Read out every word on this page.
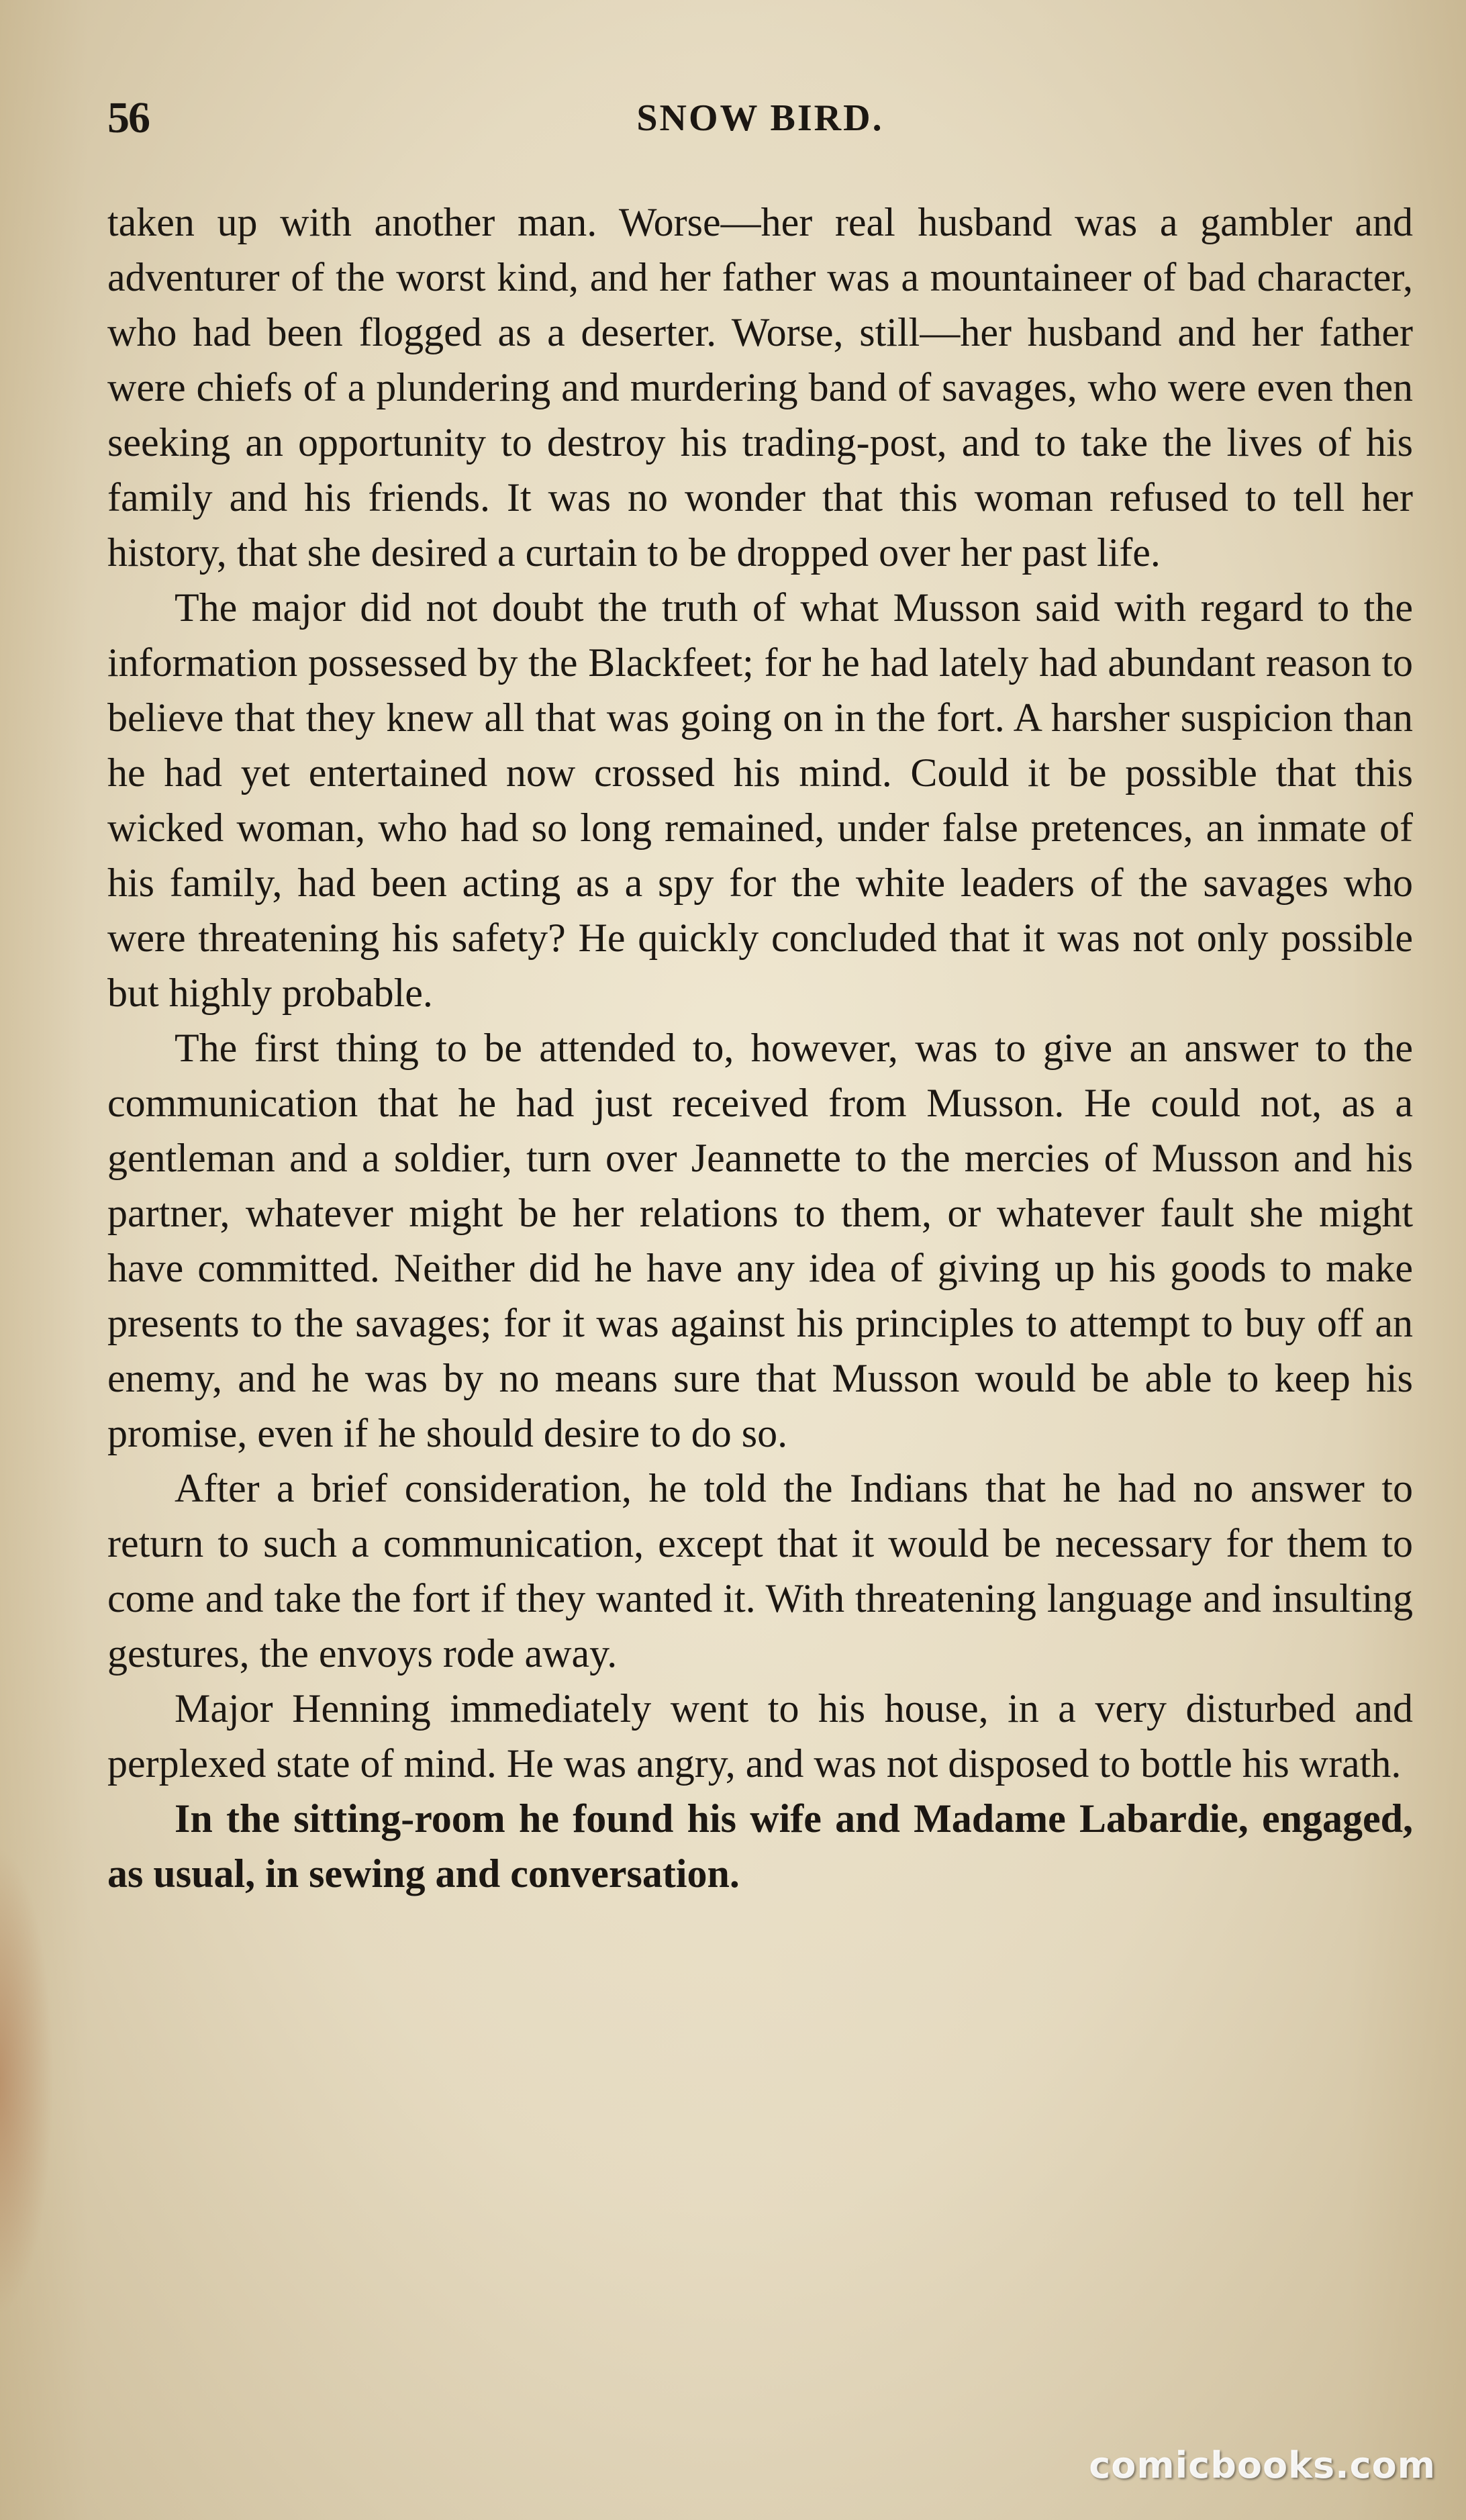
56	SNOW BIRD.

taken up with another man. Worse—her real husband was a gambler and adventurer of the worst kind, and her father was a mountaineer of bad character, who had been flogged as a deserter. Worse, still—her husband and her father were chiefs of a plundering and murdering band of savages, who were even then seeking an opportunity to destroy his trading-post, and to take the lives of his family and his friends. It was no wonder that this woman refused to tell her history, that she desired a curtain to be dropped over her past life.

The major did not doubt the truth of what Musson said with regard to the information possessed by the Blackfeet; for he had lately had abundant reason to believe that they knew all that was going on in the fort. A harsher suspicion than he had yet entertained now crossed his mind. Could it be possible that this wicked woman, who had so long remained, under false pretences, an inmate of his family, had been acting as a spy for the white leaders of the savages who were threatening his safety? He quickly concluded that it was not only possible but highly probable.

The first thing to be attended to, however, was to give an answer to the communication that he had just received from Musson. He could not, as a gentleman and a soldier, turn over Jeannette to the mercies of Musson and his partner, whatever might be her relations to them, or whatever fault she might have committed. Neither did he have any idea of giving up his goods to make presents to the savages; for it was against his principles to attempt to buy off an enemy, and he was by no means sure that Musson would be able to keep his promise, even if he should desire to do so.

After a brief consideration, he told the Indians that he had no answer to return to such a communication, except that it would be necessary for them to come and take the fort if they wanted it. With threatening language and insulting gestures, the envoys rode away.

Major Henning immediately went to his house, in a very disturbed and perplexed state of mind. He was angry, and was not disposed to bottle his wrath.

In the sitting-room he found his wife and Madame Labardie, engaged, as usual, in sewing and conversation.

comicbooks.com
